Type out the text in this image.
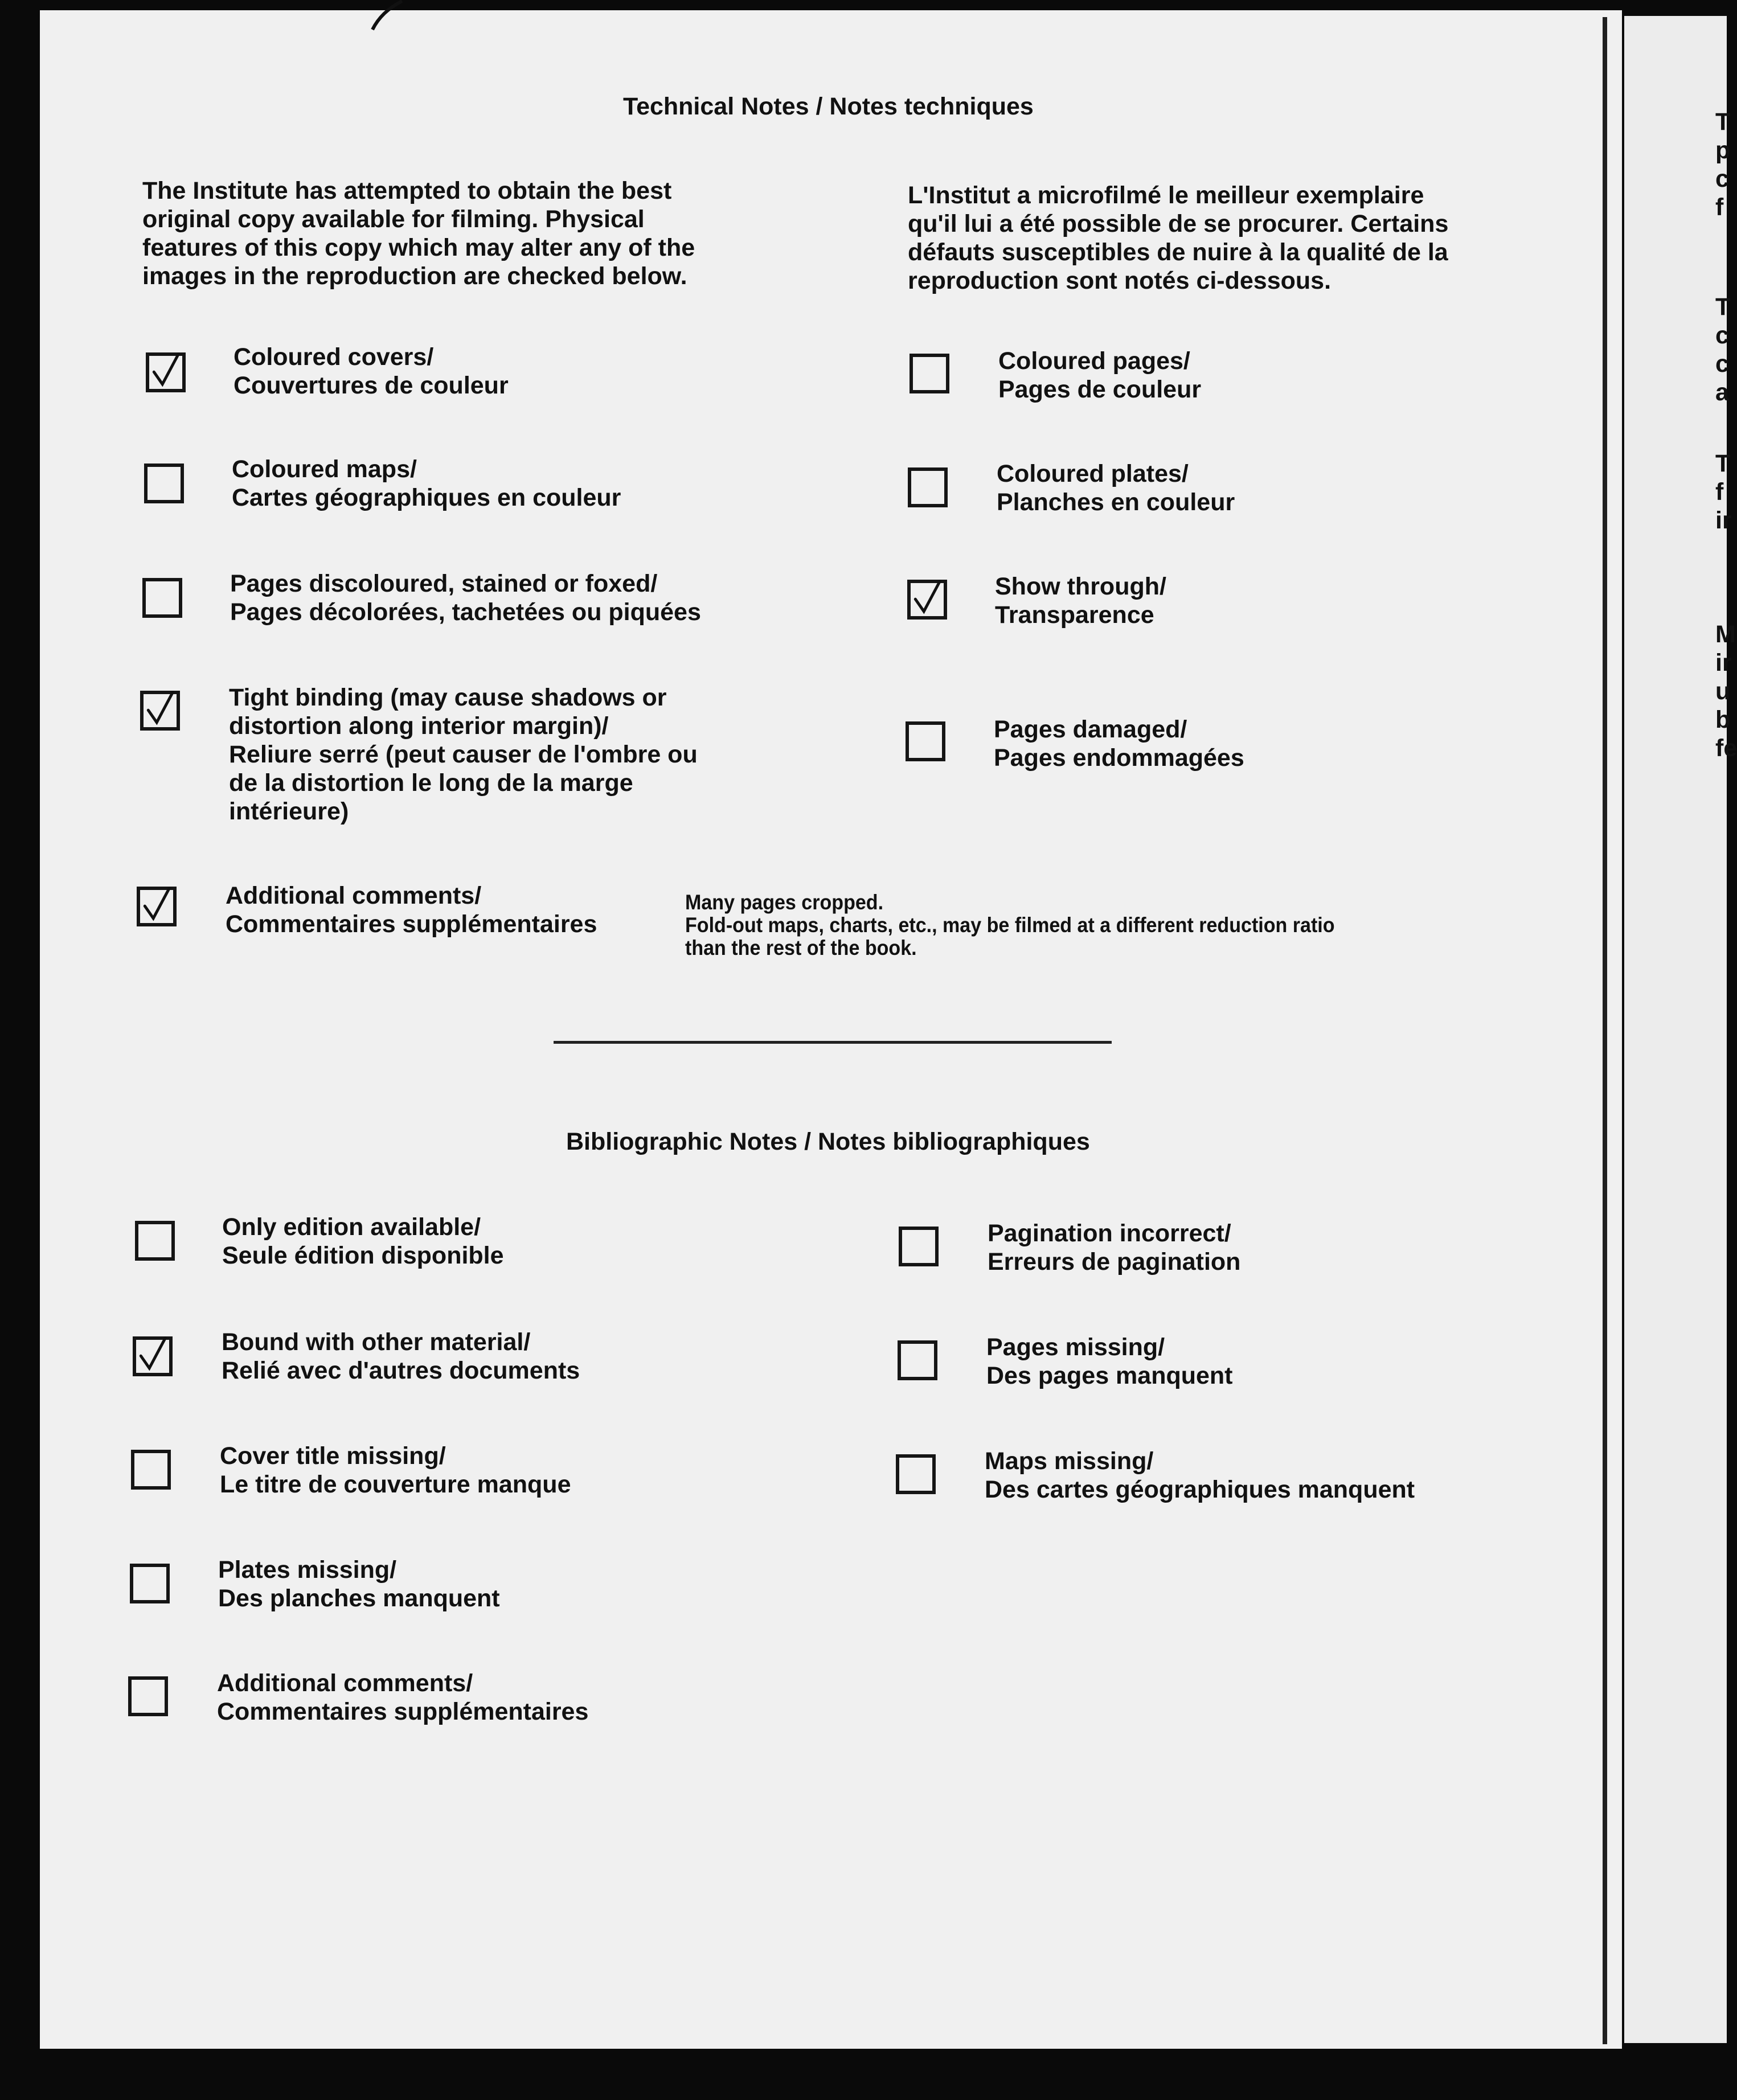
T
p
c
f
T
c
c
a
T
f
ir
M
ir
u
b
fe
Technical Notes / Notes techniques

The Institute has attempted to obtain the best

original copy available for filming. Physical

features of this copy which may alter any of the

images in the reproduction are checked below.

L'Institut a microfilmé le meilleur exemplaire

qu'il lui a été possible de se procurer. Certains

défauts susceptibles de nuire à la qualité de la

reproduction sont notés ci-dessous.

Coloured covers/
Couvertures de couleur
Coloured pages/
Pages de couleur
Coloured maps/
Cartes géographiques en couleur
Coloured plates/
Planches en couleur
Pages discoloured, stained or foxed/
Pages décolorées, tachetées ou piquées
Show through/
Transparence
Tight binding (may cause shadows or
distortion along interior margin)/
Reliure serré (peut causer de l'ombre ou
de la distortion le long de la marge
intérieure)
Pages damaged/
Pages endommagées
Additional comments/
Commentaires supplémentaires
Many pages cropped.
Fold-out maps, charts, etc., may be filmed at a different reduction ratio
than the rest of the book.
Bibliographic Notes / Notes bibliographiques
Only edition available/
Seule édition disponible
Pagination incorrect/
Erreurs de pagination
Bound with other material/
Relié avec d'autres documents
Pages missing/
Des pages manquent
Cover title missing/
Le titre de couverture manque
Maps missing/
Des cartes géographiques manquent
Plates missing/
Des planches manquent
Additional comments/
Commentaires supplémentaires
